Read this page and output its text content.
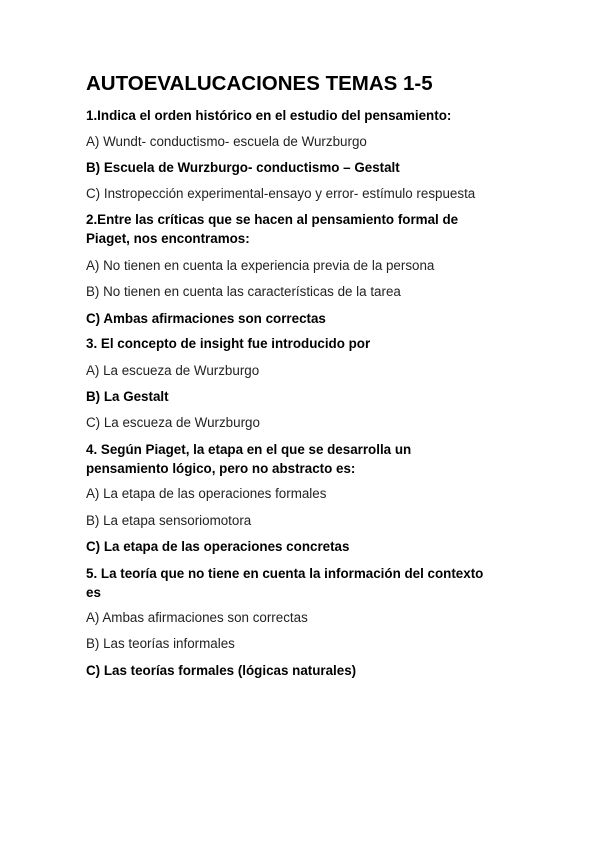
AUTOEVALUCACIONES TEMAS 1-5
1.Indica el orden histórico en el estudio del pensamiento:
A) Wundt- conductismo- escuela de Wurzburgo
B) Escuela de Wurzburgo- conductismo – Gestalt
C) Instropección experimental-ensayo y error- estímulo respuesta
2.Entre las críticas que se hacen al pensamiento formal de
Piaget, nos encontramos:
A) No tienen en cuenta la experiencia previa de la persona
B) No tienen en cuenta las características de la tarea
C) Ambas afirmaciones son correctas
3. El concepto de insight fue introducido por
A) La escueza de Wurzburgo
B) La Gestalt
C) La escueza de Wurzburgo
4. Según Piaget, la etapa en el que se desarrolla un
pensamiento lógico, pero no abstracto es:
A) La etapa de las operaciones formales
B) La etapa sensoriomotora
C) La etapa de las operaciones concretas
5. La teoría que no tiene en cuenta la información del contexto
es
A) Ambas afirmaciones son correctas
B) Las teorías informales
C) Las teorías formales (lógicas naturales)
